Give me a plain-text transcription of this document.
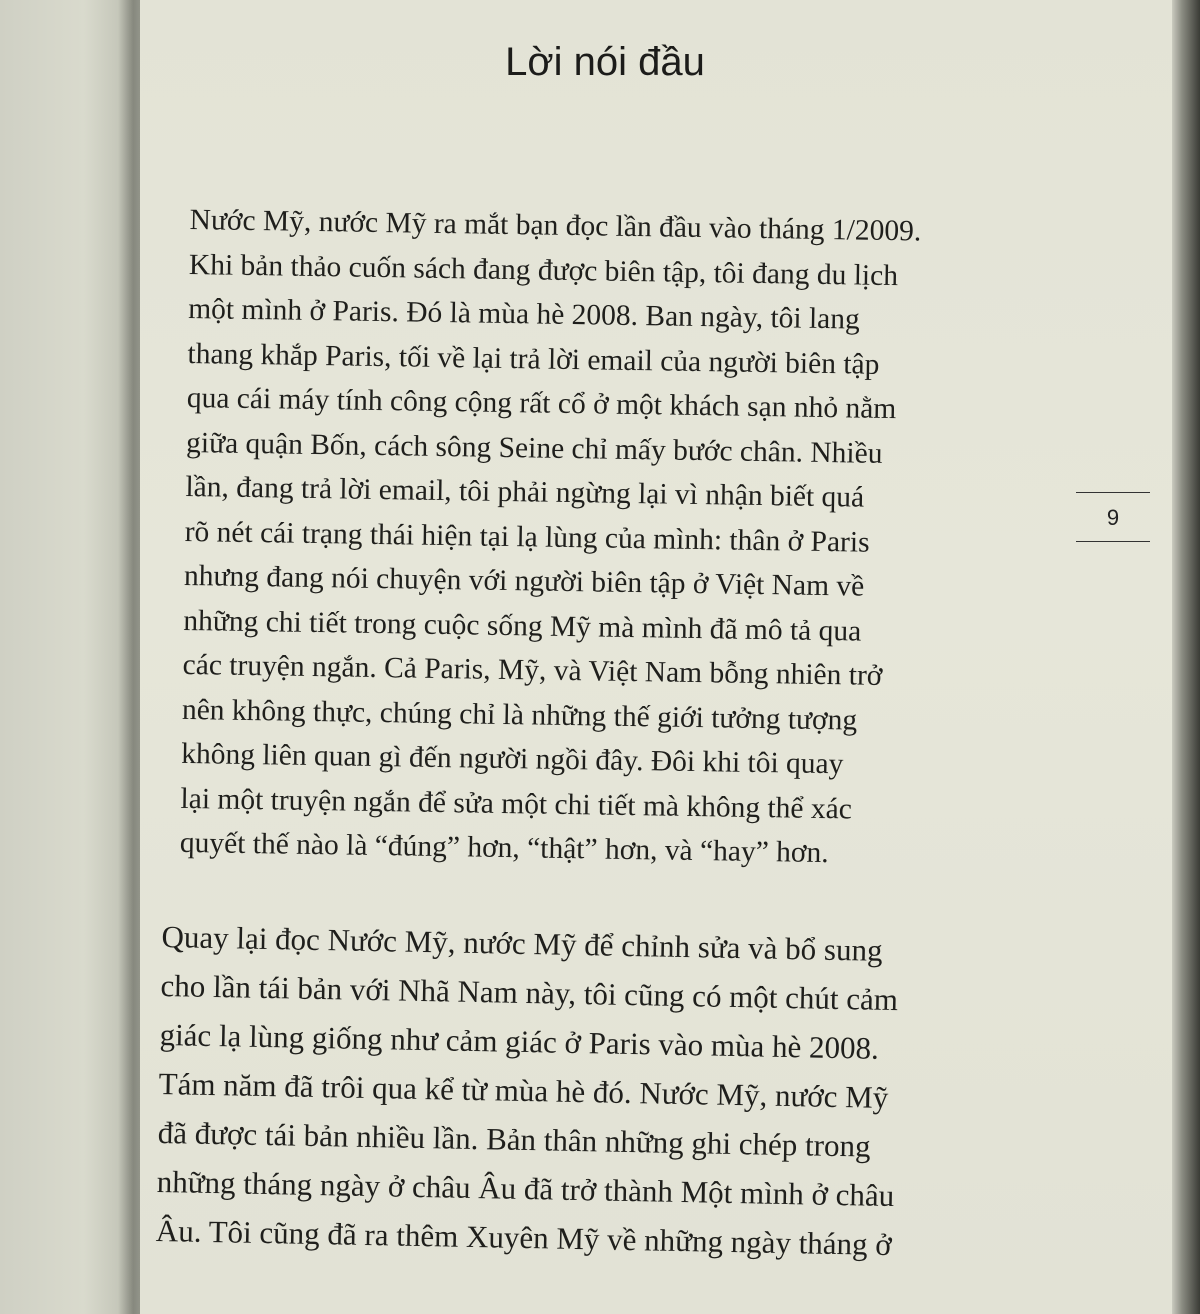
Lời nói đầu
Nước Mỹ, nước Mỹ ra mắt bạn đọc lần đầu vào tháng 1/2009.
Khi bản thảo cuốn sách đang được biên tập, tôi đang du lịch
một mình ở Paris. Đó là mùa hè 2008. Ban ngày, tôi lang
thang khắp Paris, tối về lại trả lời email của người biên tập
qua cái máy tính công cộng rất cổ ở một khách sạn nhỏ nằm
giữa quận Bốn, cách sông Seine chỉ mấy bước chân. Nhiều
lần, đang trả lời email, tôi phải ngừng lại vì nhận biết quá
rõ nét cái trạng thái hiện tại lạ lùng của mình: thân ở Paris
nhưng đang nói chuyện với người biên tập ở Việt Nam về
những chi tiết trong cuộc sống Mỹ mà mình đã mô tả qua
các truyện ngắn. Cả Paris, Mỹ, và Việt Nam bỗng nhiên trở
nên không thực, chúng chỉ là những thế giới tưởng tượng
không liên quan gì đến người ngồi đây. Đôi khi tôi quay
lại một truyện ngắn để sửa một chi tiết mà không thể xác
quyết thế nào là “đúng” hơn, “thật” hơn, và “hay” hơn.
9
Quay lại đọc Nước Mỹ, nước Mỹ để chỉnh sửa và bổ sung
cho lần tái bản với Nhã Nam này, tôi cũng có một chút cảm
giác lạ lùng giống như cảm giác ở Paris vào mùa hè 2008.
Tám năm đã trôi qua kể từ mùa hè đó. Nước Mỹ, nước Mỹ
đã được tái bản nhiều lần. Bản thân những ghi chép trong
những tháng ngày ở châu Âu đã trở thành Một mình ở châu
Âu. Tôi cũng đã ra thêm Xuyên Mỹ về những ngày tháng ở
